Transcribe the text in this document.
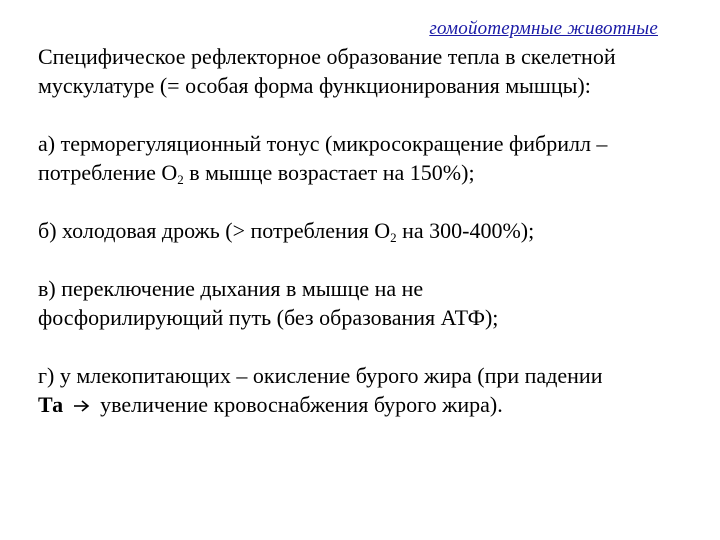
гомойотермные животные

Специфическое рефлекторное образование тепла в скелетной мускулатуре (= особая форма функционирования мышцы):

а) терморегуляционный тонус (микросокращение фибрилл – потребление $О_2$ в мышце возрастает на 150%);

б) холодовая дрожь (> потребления $О_2$ на 300-400%);

в) переключение дыхания в мышце на не фосфорилирующий путь (без образования АТФ);

г) у млекопитающих – окисление бурого жира (при падении
Та увеличение кровоснабжения бурого жира).
